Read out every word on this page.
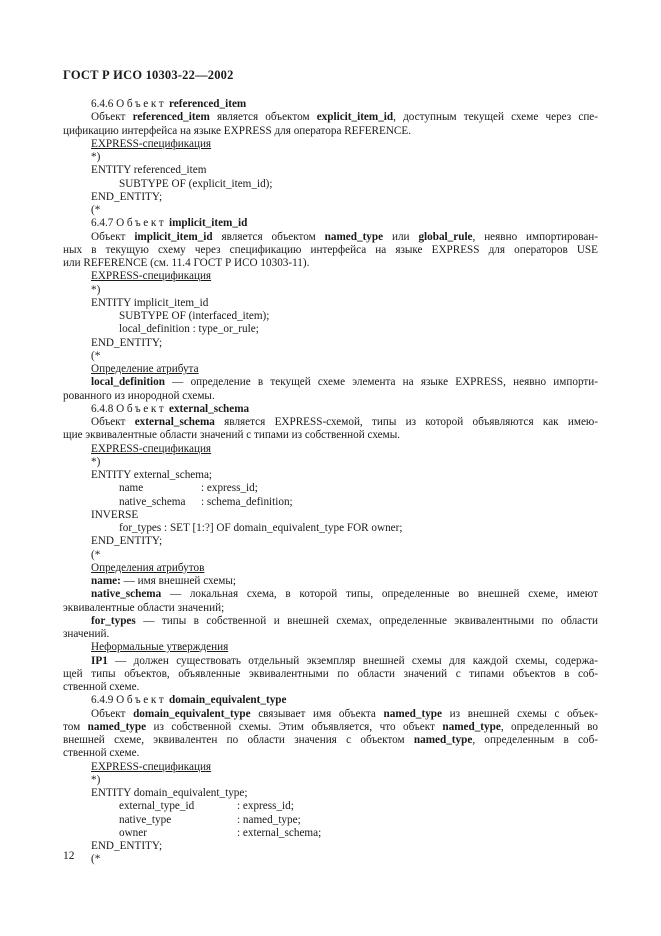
ГОСТ Р ИСО 10303-22—2002
6.4.6 Объект referenced_item
Объект referenced_item является объектом explicit_item_id, доступным текущей схеме через спе-
цификацию интерфейса на языке EXPRESS для оператора REFERENCE.
EXPRESS-спецификация
*)
ENTITY referenced_item
SUBTYPE OF (explicit_item_id);
END_ENTITY;
(*
6.4.7 Объект implicit_item_id
Объект implicit_item_id является объектом named_type или global_rule, неявно импортирован-
ных в текущую схему через спецификацию интерфейса на языке EXPRESS для операторов USE
или REFERENCE (см. 11.4 ГОСТ Р ИСО 10303-11).
EXPRESS-спецификация
*)
ENTITY implicit_item_id
SUBTYPE OF (interfaced_item);
local_definition : type_or_rule;
END_ENTITY;
(*
Определение атрибута
local_definition — определение в текущей схеме элемента на языке EXPRESS, неявно импорти-
рованного из инородной схемы.
6.4.8 Объект external_schema
Объект external_schema является EXPRESS-схемой, типы из которой объявляются как имею-
щие эквивалентные области значений с типами из собственной схемы.
EXPRESS-спецификация
*)
ENTITY external_schema;
name	: express_id;
native_schema : schema_definition;
INVERSE
for_types : SET [1:?] OF domain_equivalent_type FOR owner;
END_ENTITY;
(*
Определения атрибутов
name: — имя внешней схемы;
native_schema — локальная схема, в которой типы, определенные во внешней схеме, имеют
эквивалентные области значений;
for_types — типы в собственной и внешней схемах, определенные эквивалентными по области
значений.
Неформальные утверждения
IP1 — должен существовать отдельный экземпляр внешней схемы для каждой схемы, содержа-
щей типы объектов, объявленные эквивалентными по области значений с типами объектов в соб-
ственной схеме.
6.4.9 Объект domain_equivalent_type
Объект domain_equivalent_type связывает имя объекта named_type из внешней схемы с объек-
том named_type из собственной схемы. Этим объявляется, что объект named_type, определенный во
внешней схеме, эквивалентен по области значения с объектом named_type, определенным в соб-
ственной схеме.
EXPRESS-спецификация
*)
ENTITY domain_equivalent_type;
external_type_id	: express_id;
native_type	: named_type;
owner	: external_schema;
END_ENTITY;
(*
12
